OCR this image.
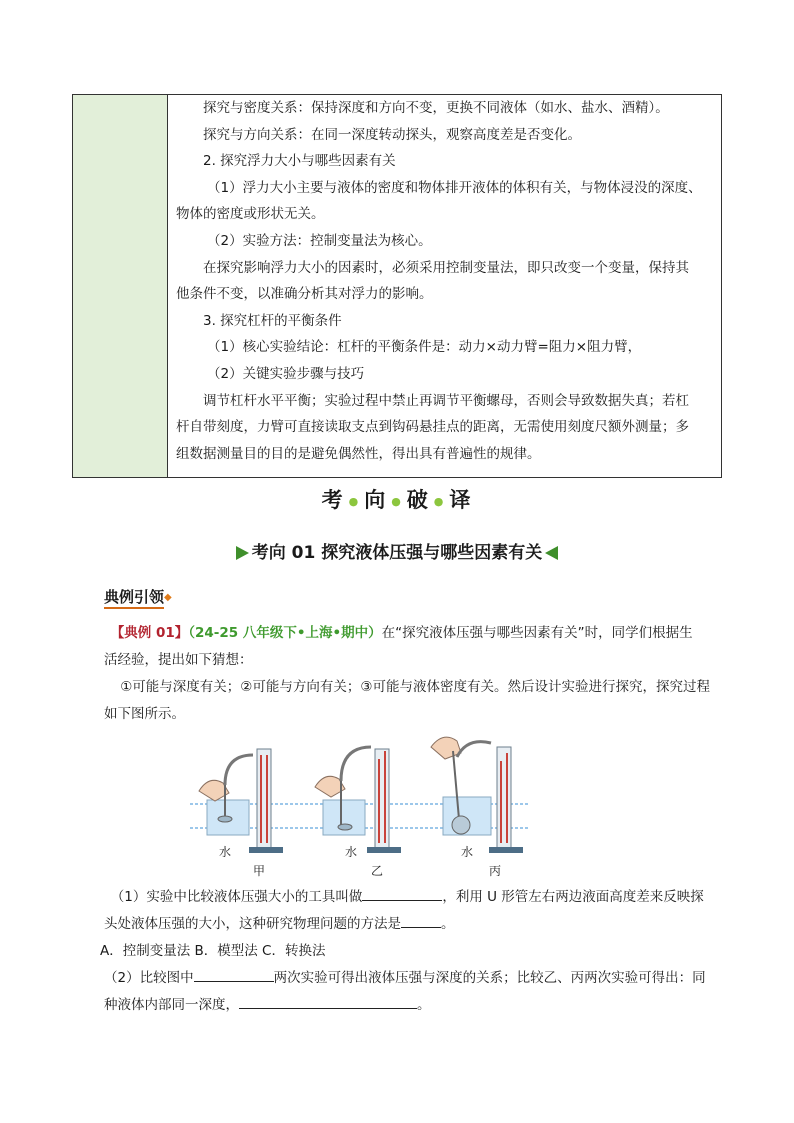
探究与密度关系：保持深度和方向不变，更换不同液体（如水、盐水、酒精）。

探究与方向关系：在同一深度转动探头，观察高度差是否变化。

2. 探究浮力大小与哪些因素有关

（1）浮力大小主要与液体的密度和物体排开液体的体积有关，与物体浸没的深度、

物体的密度或形状无关。

（2）实验方法：控制变量法为核心。

在探究影响浮力大小的因素时，必须采用控制变量法，即只改变一个变量，保持其

他条件不变，以准确分析其对浮力的影响。

3. 探究杠杆的平衡条件

（1）核心实验结论：杠杆的平衡条件是：动力×动力臂=阻力×阻力臂，

（2）关键实验步骤与技巧

调节杠杆水平平衡；实验过程中禁止再调节平衡螺母，否则会导致数据失真；若杠

杆自带刻度，力臂可直接读取支点到钩码悬挂点的距离，无需使用刻度尺额外测量；多

组数据测量目的目的是避免偶然性，得出具有普遍性的规律。

考 ● 向 ● 破 ● 译
考向 01 探究液体压强与哪些因素有关
典例引领◆
【典例 01】（24-25 八年级下•上海•期中）在“探究液体压强与哪些因素有关”时，同学们根据生
活经验，提出如下猜想：
①可能与深度有关；②可能与方向有关；③可能与液体密度有关。然后设计实验进行探究，探究过程
如下图所示。
水
甲
水
乙
水
丙
（1）实验中比较液体压强大小的工具叫做	，利用 U 形管左右两边液面高度差来反映探
头处液体压强的大小，这种研究物理问题的方法是	。
A．控制变量法 B．模型法 C．转换法
（2）比较图中	两次实验可得出液体压强与深度的关系；比较乙、丙两次实验可得出：同
种液体内部同一深度，	。
